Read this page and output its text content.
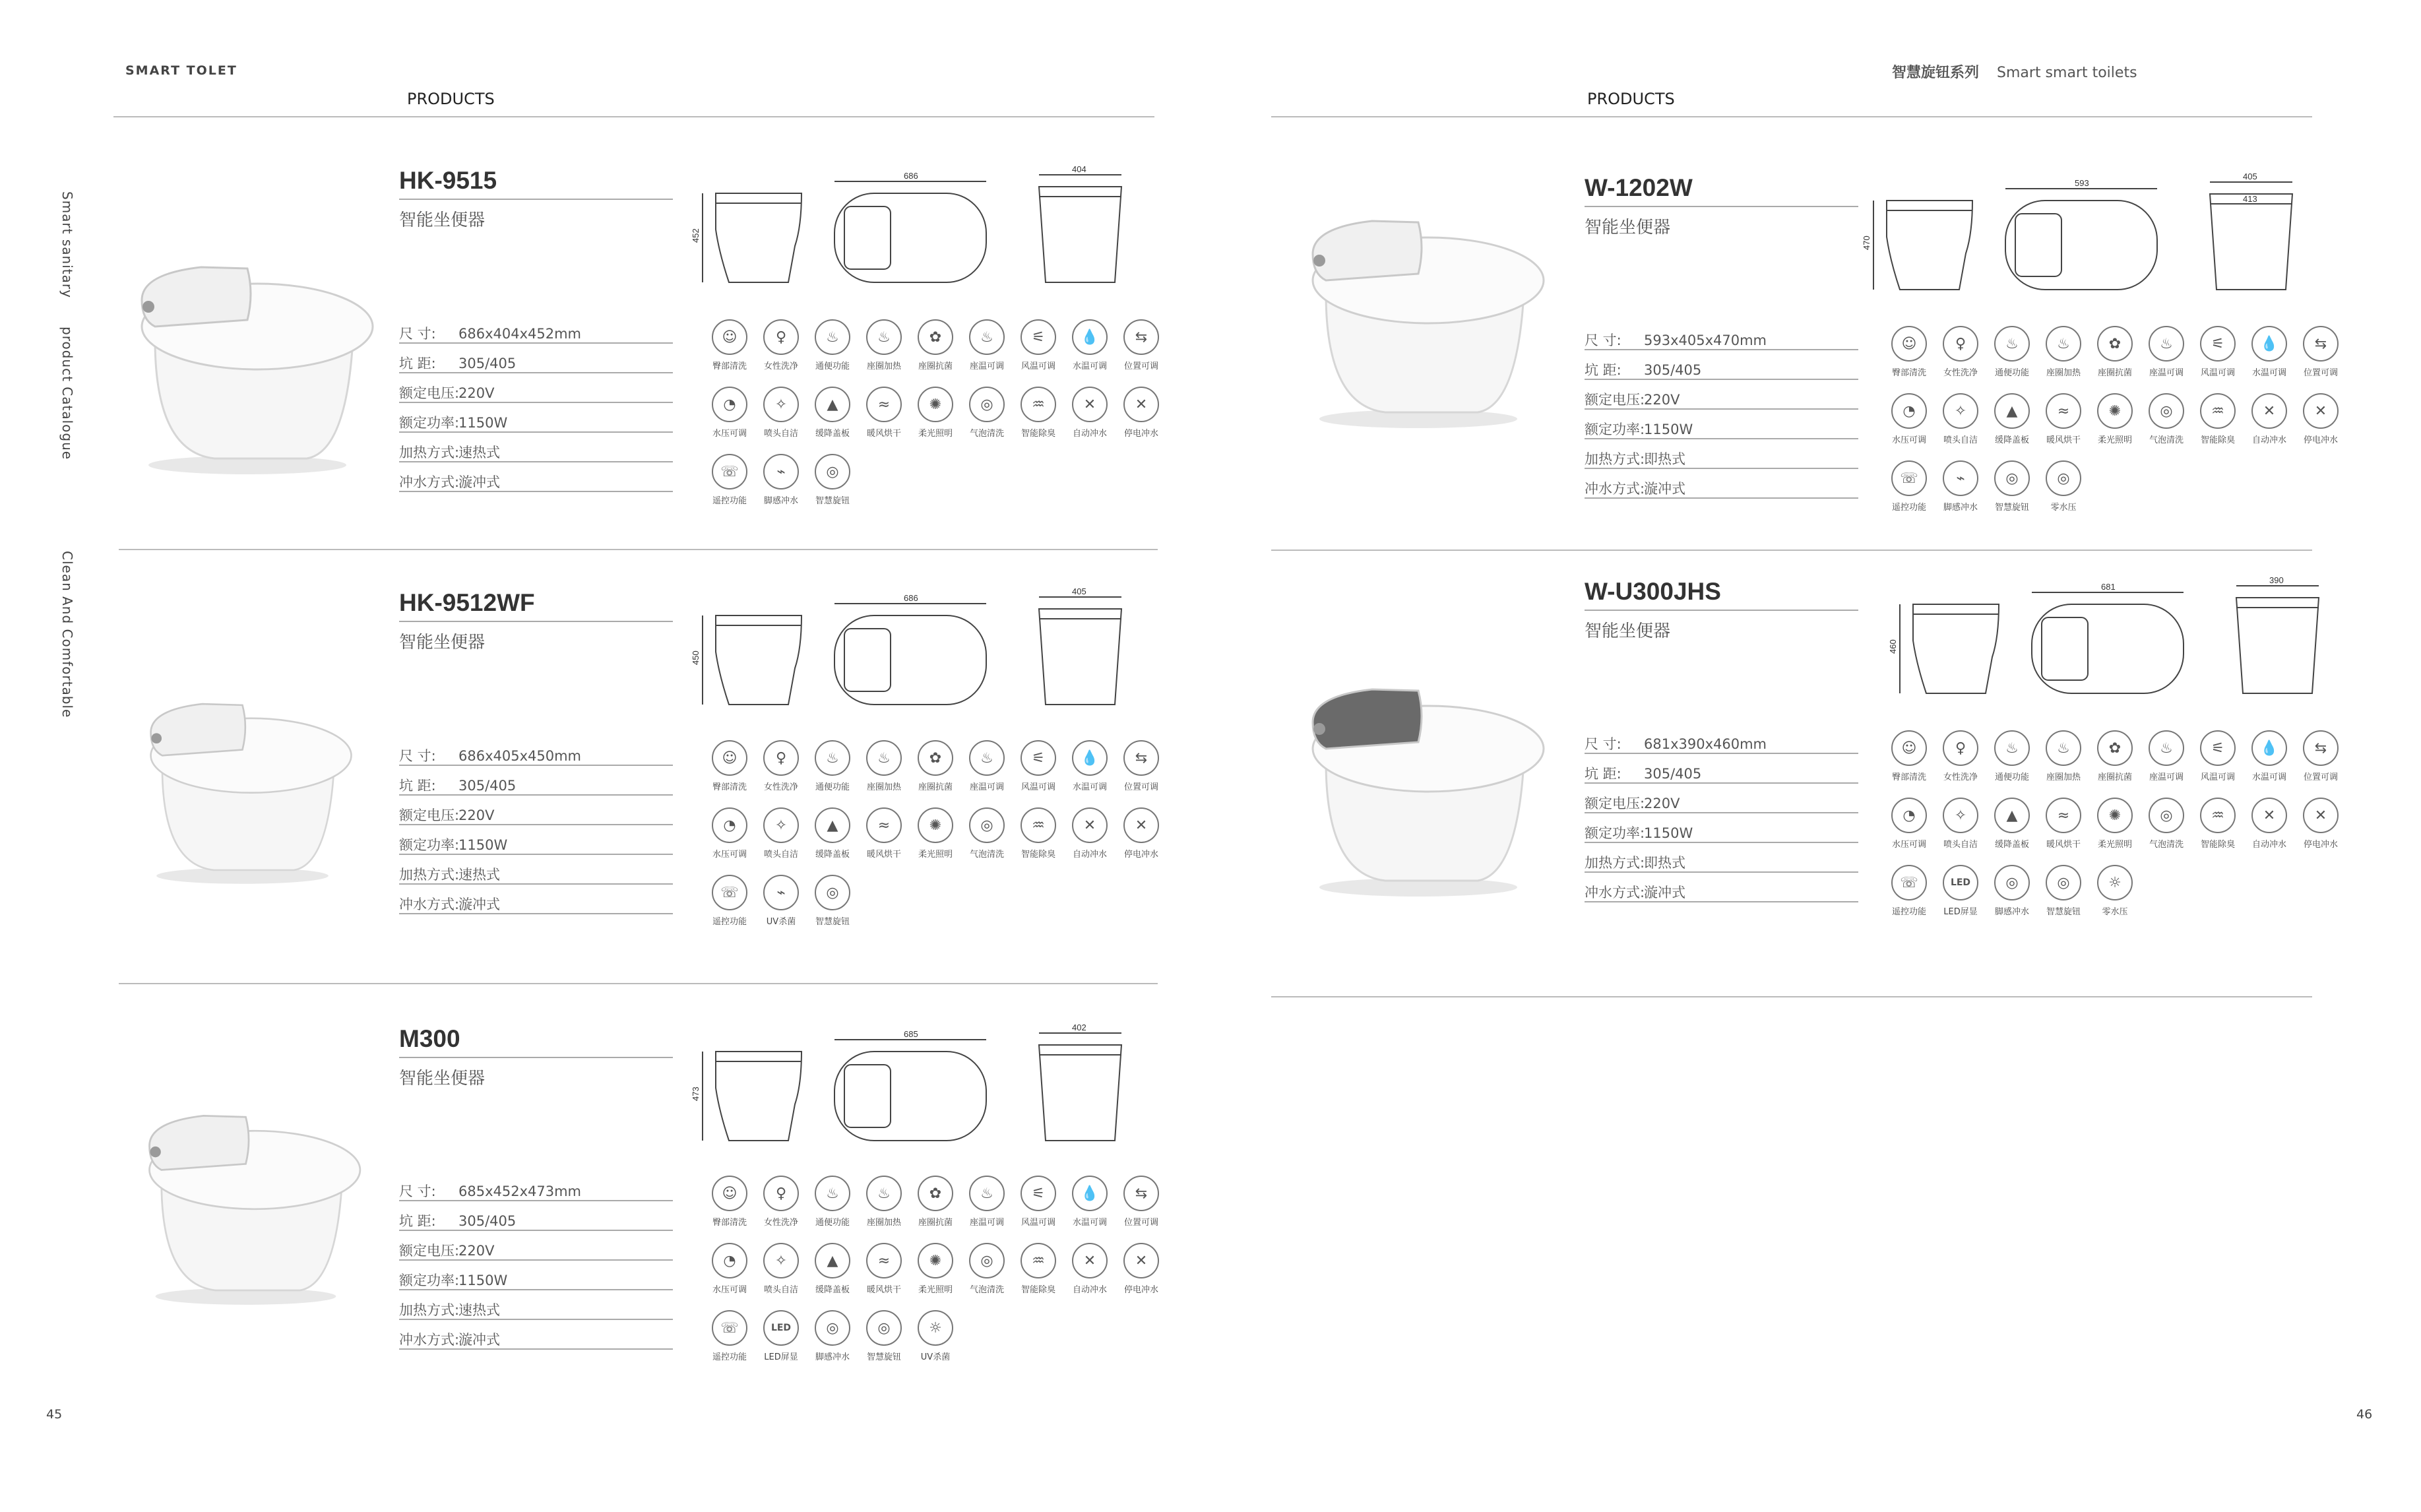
SMART TOLET	智慧旋钮系列 Smart smart toilets
PRODUCTS
Smart sanitary
product Catalogue
Clean And Comfortable
45
PRODUCTS
46
HK-9515
智能坐便器
尺 寸: 686x404x452mm
坑 距: 305/405
额定电压:220V
额定功率:1150W
加热方式:速热式
冲水方式:漩冲式
452
686
404
☺
臀部清洗
♀
女性洗净
♨
通便功能
♨
座圈加热
✿
座圈抗菌
♨
座温可调
⚟
风温可调
💧
水温可调
⇆
位置可调
◔
水压可调
✧
喷头自洁
▲
缓降盖板
≈
暖风烘干
✺
柔光照明
◎
气泡清洗
♒
智能除臭
✕
自动冲水
✕
停电冲水
☏
遥控功能
⌁
脚感冲水
◎
智慧旋钮
HK-9512WF
智能坐便器
尺 寸: 686x405x450mm
坑 距: 305/405
额定电压:220V
额定功率:1150W
加热方式:速热式
冲水方式:漩冲式
450
686
405
☺
臀部清洗
♀
女性洗净
♨
通便功能
♨
座圈加热
✿
座圈抗菌
♨
座温可调
⚟
风温可调
💧
水温可调
⇆
位置可调
◔
水压可调
✧
喷头自洁
▲
缓降盖板
≈
暖风烘干
✺
柔光照明
◎
气泡清洗
♒
智能除臭
✕
自动冲水
✕
停电冲水
☏
遥控功能
⌁
UV杀菌
◎
智慧旋钮
M300
智能坐便器
尺 寸: 685x452x473mm
坑 距: 305/405
额定电压:220V
额定功率:1150W
加热方式:速热式
冲水方式:漩冲式
473
685
402
☺
臀部清洗
♀
女性洗净
♨
通便功能
♨
座圈加热
✿
座圈抗菌
♨
座温可调
⚟
风温可调
💧
水温可调
⇆
位置可调
◔
水压可调
✧
喷头自洁
▲
缓降盖板
≈
暖风烘干
✺
柔光照明
◎
气泡清洗
♒
智能除臭
✕
自动冲水
✕
停电冲水
☏
遥控功能
LED
LED屏显
◎
脚感冲水
◎
智慧旋钮
☼
UV杀菌
W-1202W
智能坐便器
尺 寸: 593x405x470mm
坑 距: 305/405
额定电压:220V
额定功率:1150W
加热方式:即热式
冲水方式:漩冲式
470
593
405
413
☺
臀部清洗
♀
女性洗净
♨
通便功能
♨
座圈加热
✿
座圈抗菌
♨
座温可调
⚟
风温可调
💧
水温可调
⇆
位置可调
◔
水压可调
✧
喷头自洁
▲
缓降盖板
≈
暖风烘干
✺
柔光照明
◎
气泡清洗
♒
智能除臭
✕
自动冲水
✕
停电冲水
☏
遥控功能
⌁
脚感冲水
◎
智慧旋钮
◎
零水压
W-U300JHS
智能坐便器
尺 寸: 681x390x460mm
坑 距: 305/405
额定电压:220V
额定功率:1150W
加热方式:即热式
冲水方式:漩冲式
460
681
390
☺
臀部清洗
♀
女性洗净
♨
通便功能
♨
座圈加热
✿
座圈抗菌
♨
座温可调
⚟
风温可调
💧
水温可调
⇆
位置可调
◔
水压可调
✧
喷头自洁
▲
缓降盖板
≈
暖风烘干
✺
柔光照明
◎
气泡清洗
♒
智能除臭
✕
自动冲水
✕
停电冲水
☏
遥控功能
LED
LED屏显
◎
脚感冲水
◎
智慧旋钮
☼
零水压
